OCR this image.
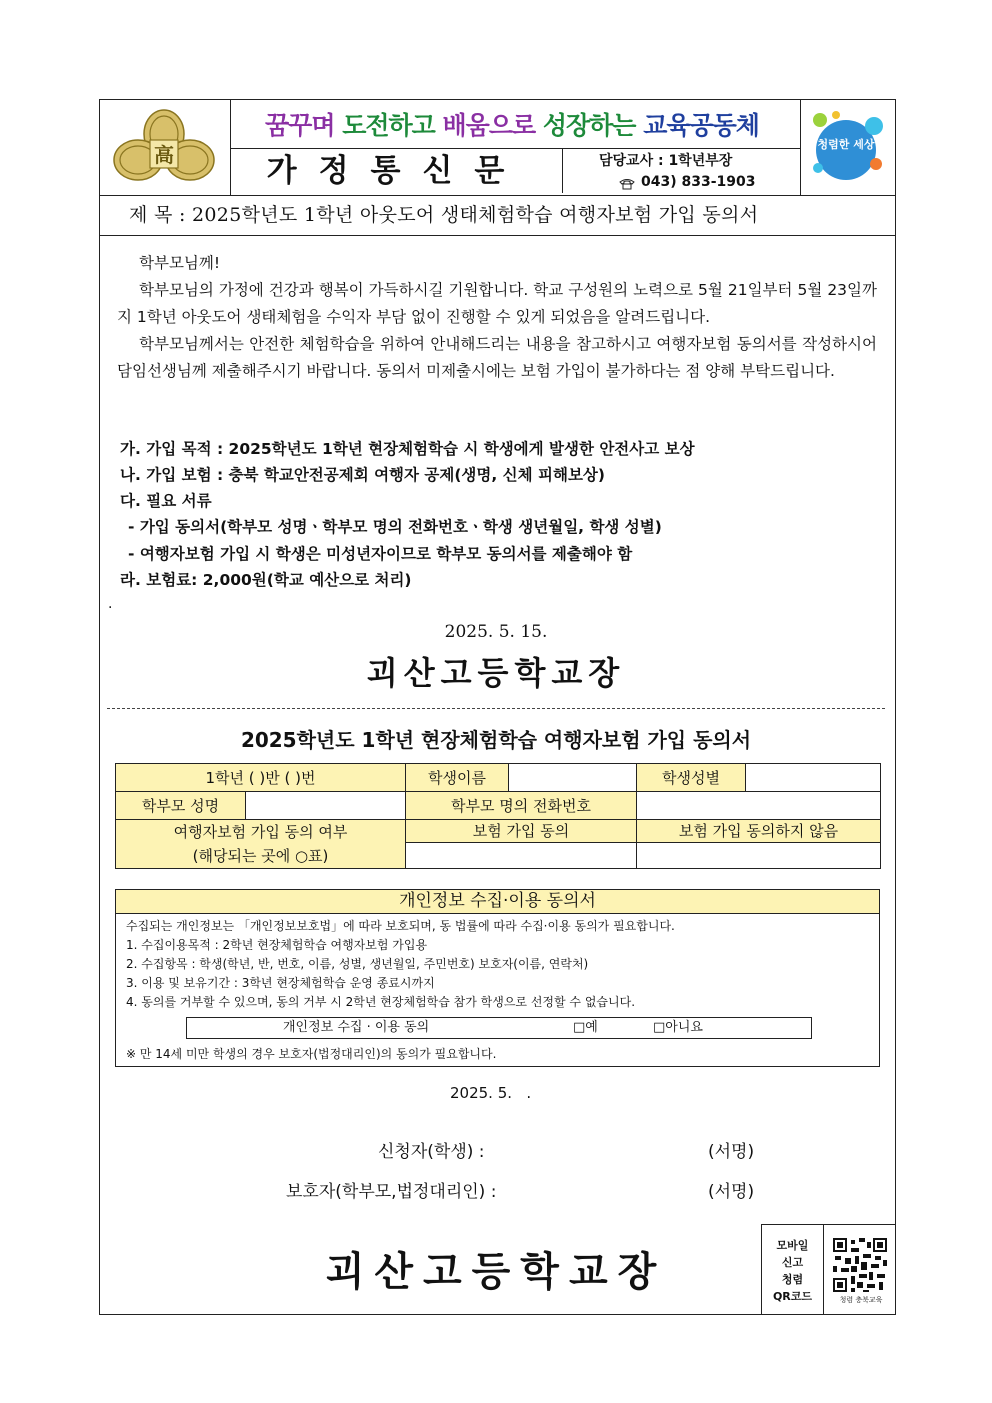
高
꿈꾸며 도전하고 배움으로 성장하는 교육공동체
가정통신문	담당교사 : 1학년부장
043) 833-1903
청렴한 세상
제 목 : 2025학년도 1학년 아웃도어 생태체험학습 여행자보험 가입 동의서
학부모님께!
학부모님의 가정에 건강과 행복이 가득하시길 기원합니다. 학교 구성원의 노력으로 5월 21일부터 5월 23일까지 1학년 아웃도어 생태체험을 수익자 부담 없이 진행할 수 있게 되었음을 알려드립니다.
학부모님께서는 안전한 체험학습을 위하여 안내해드리는 내용을 참고하시고 여행자보험 동의서를 작성하시어 담임선생님께 제출해주시기 바랍니다. 동의서 미제출시에는 보험 가입이 불가하다는 점 양해 부탁드립니다.
가. 가입 목적 : 2025학년도 1학년 현장체험학습 시 학생에게 발생한 안전사고 보상
나. 가입 보험 : 충북 학교안전공제회 여행자 공제(생명, 신체 피해보상)
다. 필요 서류
- 가입 동의서(학부모 성명ㆍ학부모 명의 전화번호ㆍ학생 생년월일, 학생 성별)
- 여행자보험 가입 시 학생은 미성년자이므로 학부모 동의서를 제출해야 함
라. 보험료: 2,000원(학교 예산으로 처리)
.
2025. 5. 15.
괴산고등학교장
2025학년도 1학년 현장체험학습 여행자보험 가입 동의서
1학년 ( )반 ( )번		학생이름		학생성별	
학부모 성명		학부모 명의 전화번호			

여행자보험 가입 동의 여부
(해당되는 곳에 ○표)		보험 가입 동의		보험 가입 동의하지 않음	

개인정보 수집·이용 동의서
수집되는 개인정보는 「개인정보보호법」에 따라 보호되며, 동 법률에 따라 수집·이용 동의가 필요합니다.
1. 수집이용목적 : 2학년 현장체험학습 여행자보험 가입용
2. 수집항목 : 학생(학년, 반, 번호, 이름, 성별, 생년월일, 주민번호) 보호자(이름, 연락처)
3. 이용 및 보유기간 : 3학년 현장체험학습 운영 종료시까지
4. 동의를 거부할 수 있으며, 동의 거부 시 2학년 현장체험학습 참가 학생으로 선정할 수 없습니다.
개인정보 수집 · 이용 동의	□예	□아니요
※ 만 14세 미만 학생의 경우 보호자(법정대리인)의 동의가 필요합니다.
2025. 5.   .
신청자(학생) :	(서명)
보호자(학부모,법정대리인) :	(서명)
괴산고등학교장
모바일
신고
청렴
QR코드	청렴 충북교육
